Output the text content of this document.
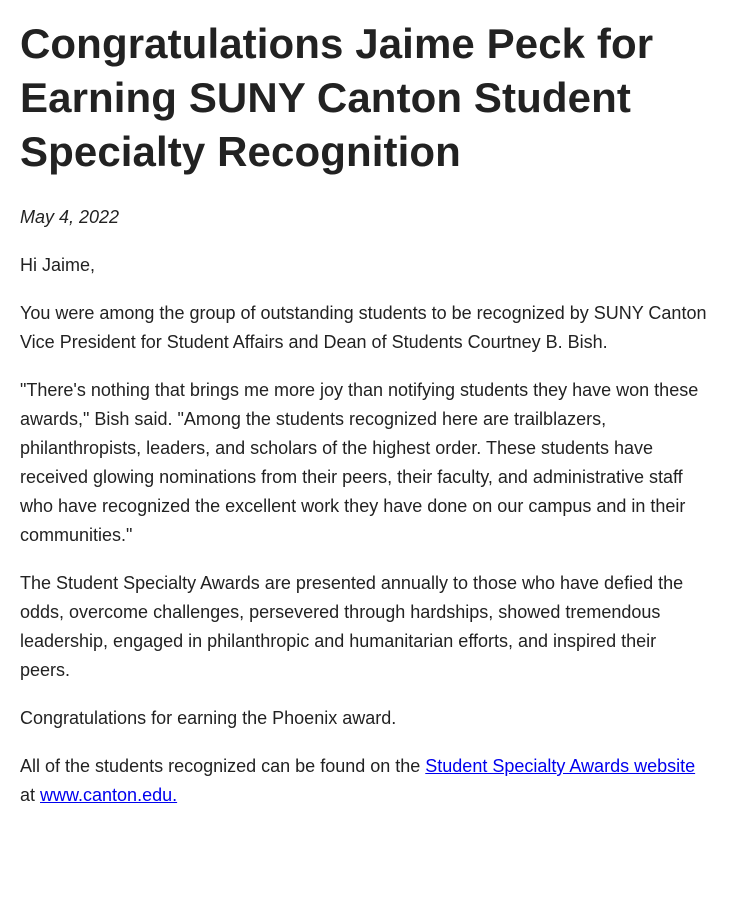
Congratulations Jaime Peck for Earning SUNY Canton Student Specialty Recognition
May 4, 2022

Hi Jaime,

You were among the group of outstanding students to be recognized by SUNY Canton Vice President for Student Affairs and Dean of Students Courtney B. Bish.

"There's nothing that brings me more joy than notifying students they have won these awards," Bish said. "Among the students recognized here are trailblazers, philanthropists, leaders, and scholars of the highest order. These students have received glowing nominations from their peers, their faculty, and administrative staff who have recognized the excellent work they have done on our campus and in their communities."

The Student Specialty Awards are presented annually to those who have defied the odds, overcome challenges, persevered through hardships, showed tremendous leadership, engaged in philanthropic and humanitarian efforts, and inspired their peers.

Congratulations for earning the Phoenix award.

All of the students recognized can be found on the Student Specialty Awards website at www.canton.edu.
